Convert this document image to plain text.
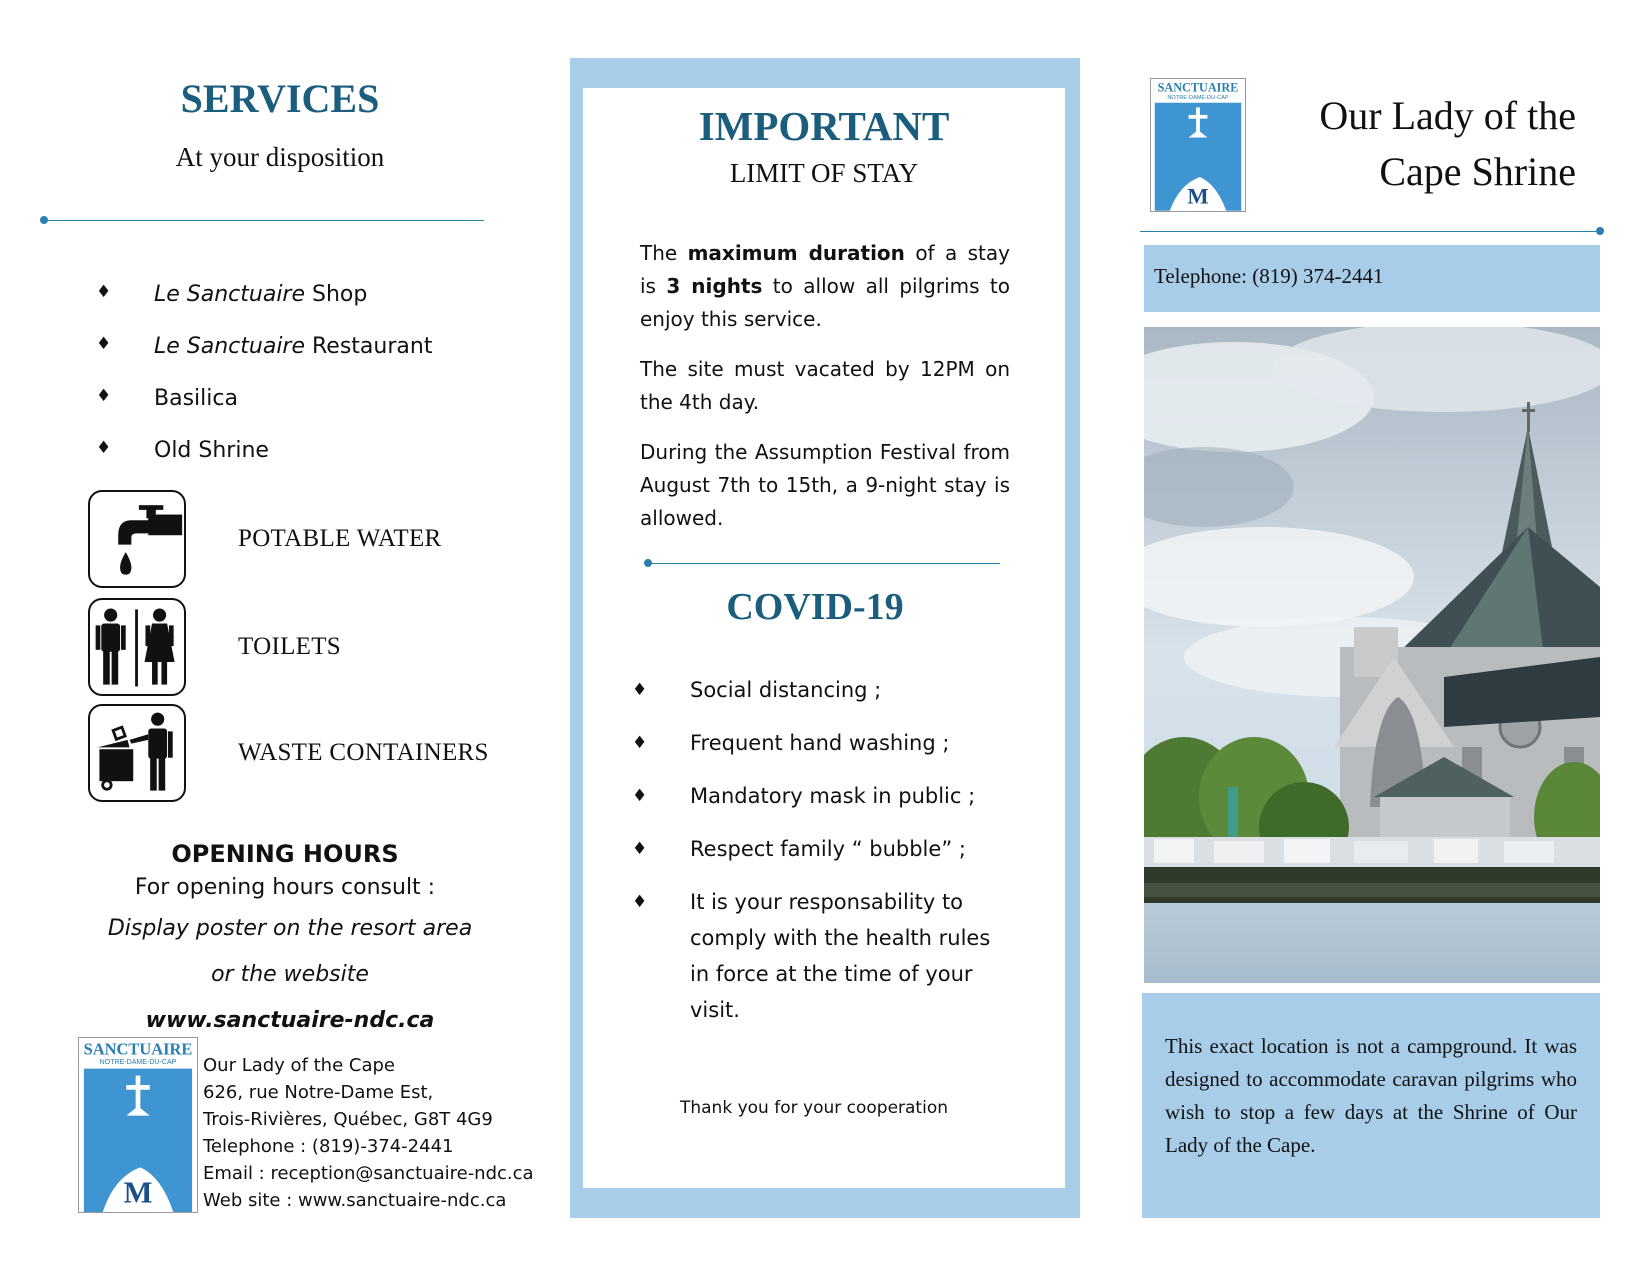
SERVICES
At your disposition
♦ Le Sanctuaire Shop
♦ Le Sanctuaire Restaurant
♦ Basilica
♦ Old Shrine
POTABLE WATER
TOILETS
WASTE CONTAINERS
OPENING HOURS
For opening hours consult :
Display poster on the resort area
or the website
www.sanctuaire-ndc.ca
SANCTUAIRE
NOTRE-DAME-DU-CAP
M
Our Lady of the Cape
626, rue Notre-Dame Est,
Trois-Rivières, Québec, G8T 4G9
Telephone : (819)-374-2441
Email : reception@sanctuaire-ndc.ca
Web site : www.sanctuaire-ndc.ca
IMPORTANT
LIMIT OF STAY
The maximum duration of a stay is 3 nights to allow all pilgrims to enjoy this service.
The site must vacated by 12PM on the 4th day.
During the Assumption Festival from August 7th to 15th, a 9-night stay is allowed.
COVID-19
♦ Social distancing ;
♦ Frequent hand washing ;
♦ Mandatory mask in public ;
♦ Respect family “ bubble” ;
♦ It is your responsability to comply with the health rules in force at the time of your visit.
Thank you for your cooperation
SANCTUAIRE
NOTRE-DAME-DU-CAP
M
Our Lady of the
Cape Shrine
Telephone: (819) 374-2441
This exact location is not a campground. It was designed to accommodate caravan pilgrims who wish to stop a few days at the Shrine of Our Lady of the Cape.
